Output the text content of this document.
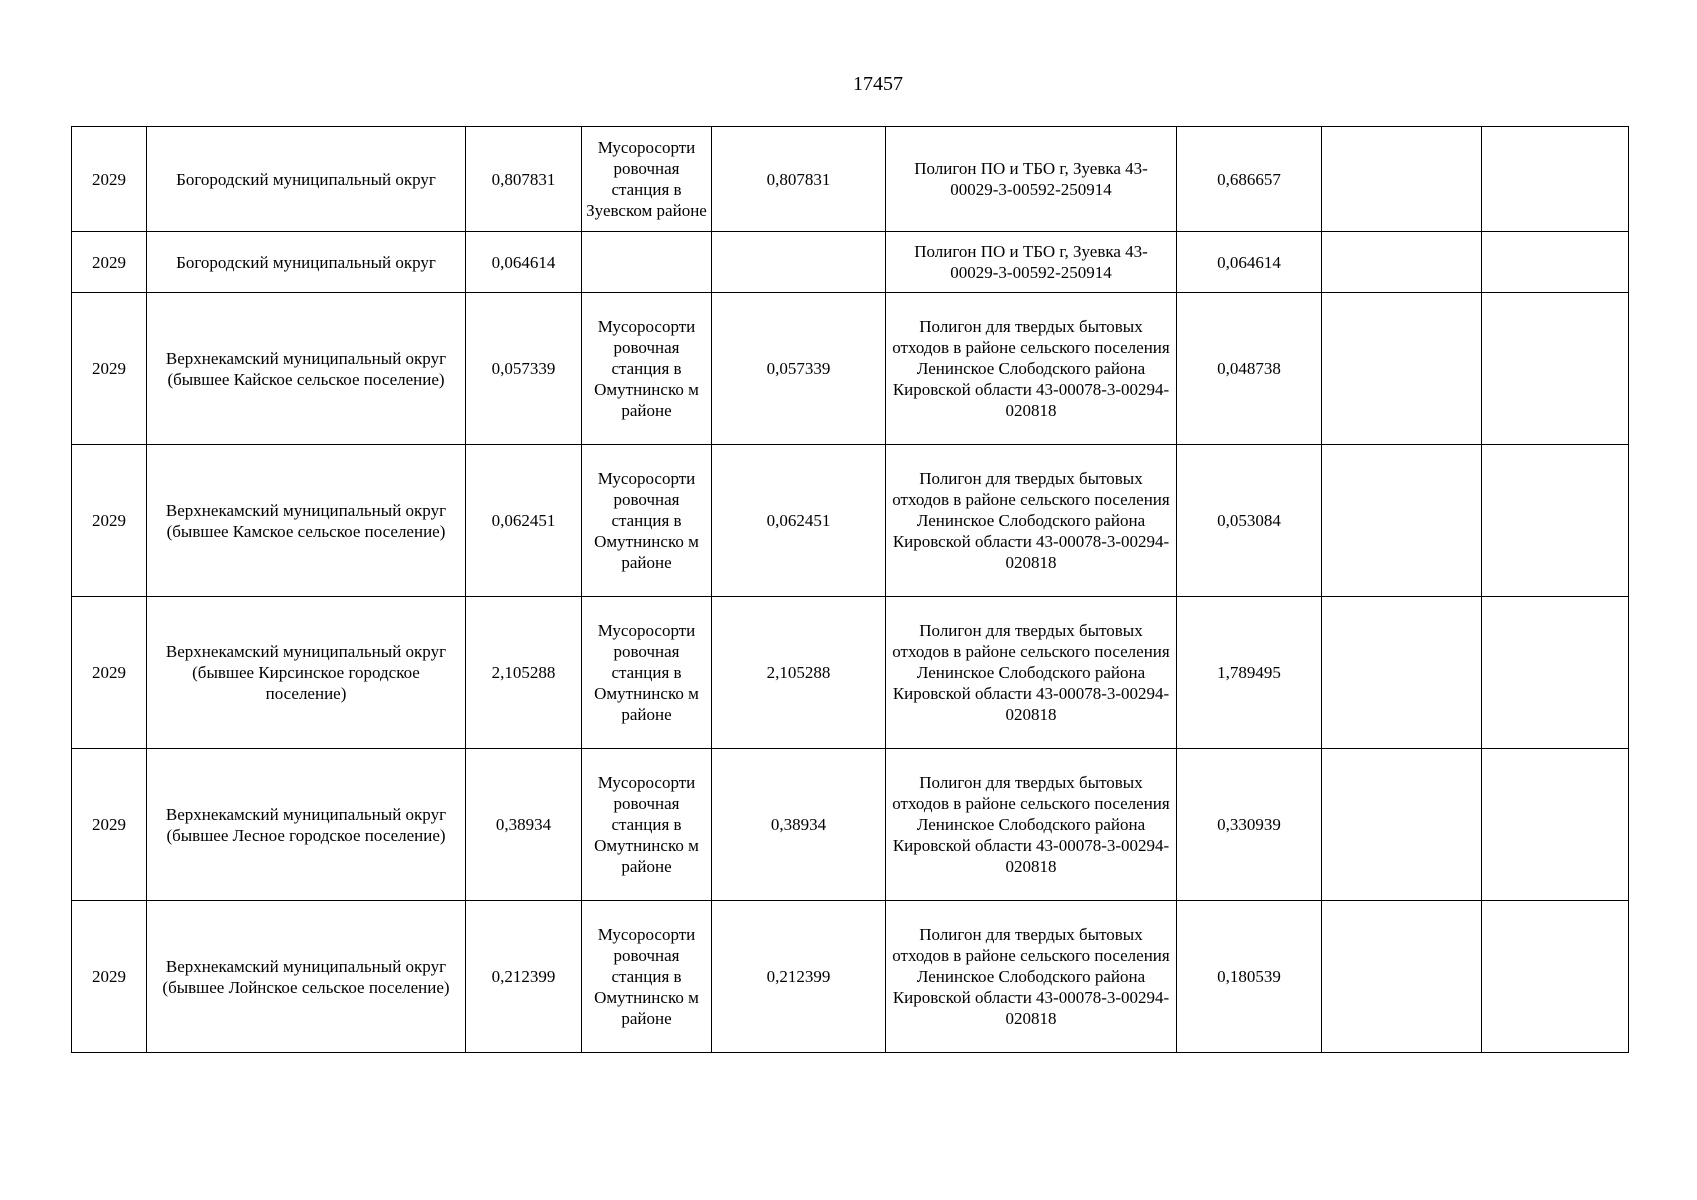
17457
2029	Богородский муниципальный округ	0,807831	Мусоросорти ровочная станция в Зуевском районе	0,807831	Полигон ПО и ТБО г, Зуевка 43-00029-3-00592-250914	0,686657		
2029	Богородский муниципальный округ	0,064614			Полигон ПО и ТБО г, Зуевка 43-00029-3-00592-250914	0,064614		
2029	Верхнекамский муниципальный округ (бывшее Кайское сельское поселение)	0,057339	Мусоросорти ровочная станция в Омутнинско м районе	0,057339	Полигон для твердых бытовых отходов в районе сельского поселения Ленинское Слободского района Кировской области 43-00078-3-00294-020818	0,048738		
2029	Верхнекамский муниципальный округ (бывшее Камское сельское поселение)	0,062451	Мусоросорти ровочная станция в Омутнинско м районе	0,062451	Полигон для твердых бытовых отходов в районе сельского поселения Ленинское Слободского района Кировской области 43-00078-3-00294-020818	0,053084		
2029	Верхнекамский муниципальный округ (бывшее Кирсинское городское поселение)	2,105288	Мусоросорти ровочная станция в Омутнинско м районе	2,105288	Полигон для твердых бытовых отходов в районе сельского поселения Ленинское Слободского района Кировской области 43-00078-3-00294-020818	1,789495		
2029	Верхнекамский муниципальный округ (бывшее Лесное городское поселение)	0,38934	Мусоросорти ровочная станция в Омутнинско м районе	0,38934	Полигон для твердых бытовых отходов в районе сельского поселения Ленинское Слободского района Кировской области 43-00078-3-00294-020818	0,330939		
2029	Верхнекамский муниципальный округ (бывшее Лойнское сельское поселение)	0,212399	Мусоросорти ровочная станция в Омутнинско м районе	0,212399	Полигон для твердых бытовых отходов в районе сельского поселения Ленинское Слободского района Кировской области 43-00078-3-00294-020818	0,180539		
